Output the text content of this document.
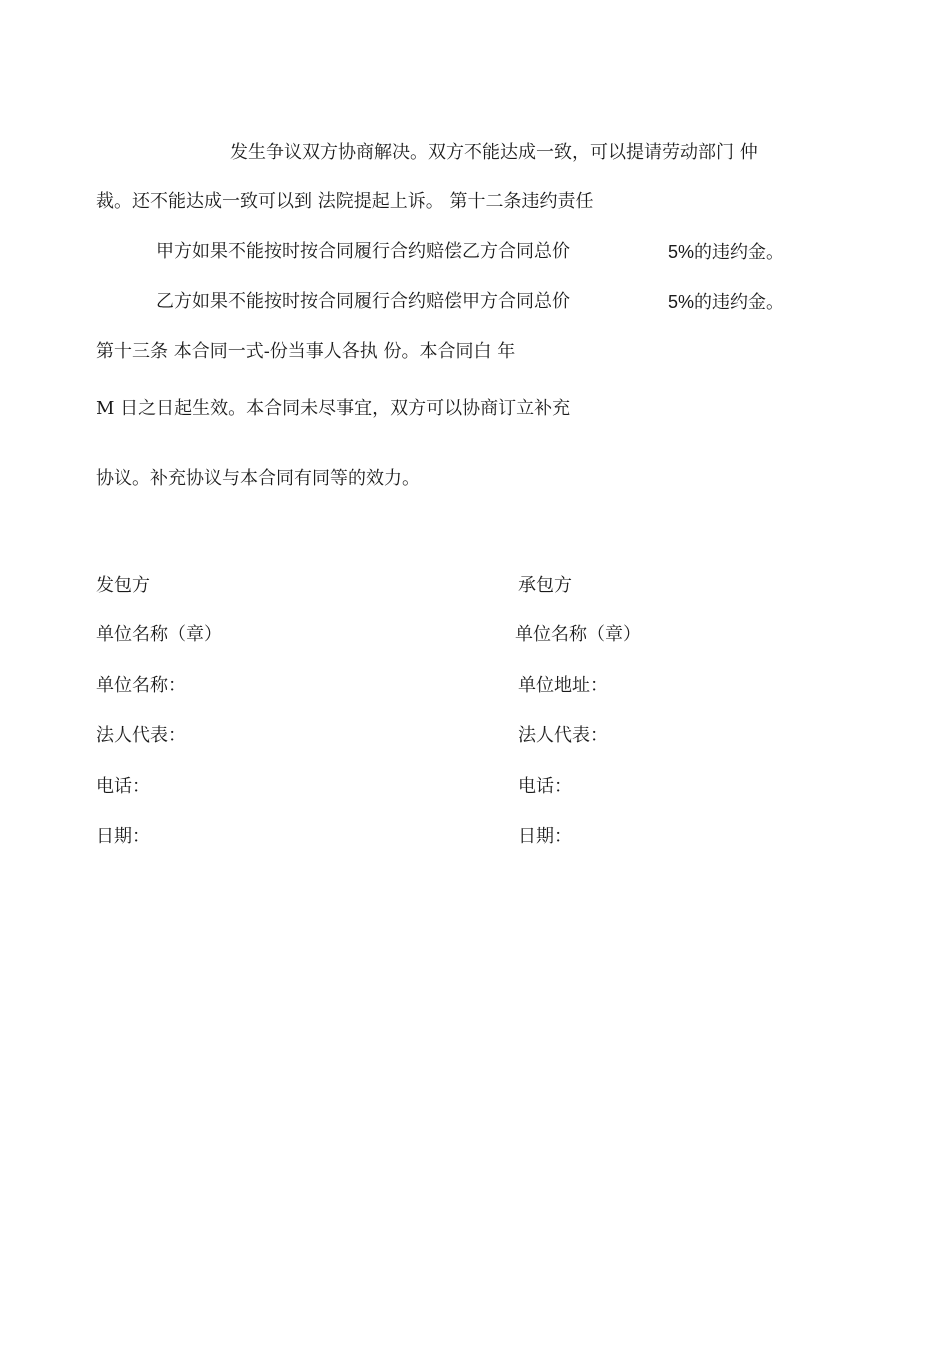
发生争议双方协商解决。双方不能达成一致，可以提请劳动部门 仲
裁。还不能达成一致可以到 法院提起上诉。 第十二条违约责任
甲方如果不能按时按合同履行合约赔偿乙方合同总价	5%的违约金。
乙方如果不能按时按合同履行合约赔偿甲方合同总价	5%的违约金。
第十三条 本合同一式-份当事人各执 份。本合同白 年
M 日之日起生效。本合同未尽事宜，双方可以协商订立补充
协议。补充协议与本合同有同等的效力。
发包方
单位名称（章）
单位名称：
法人代表：
电话：
日期：
承包方
单位名称（章）
单位地址：
法人代表：
电话：
日期：
